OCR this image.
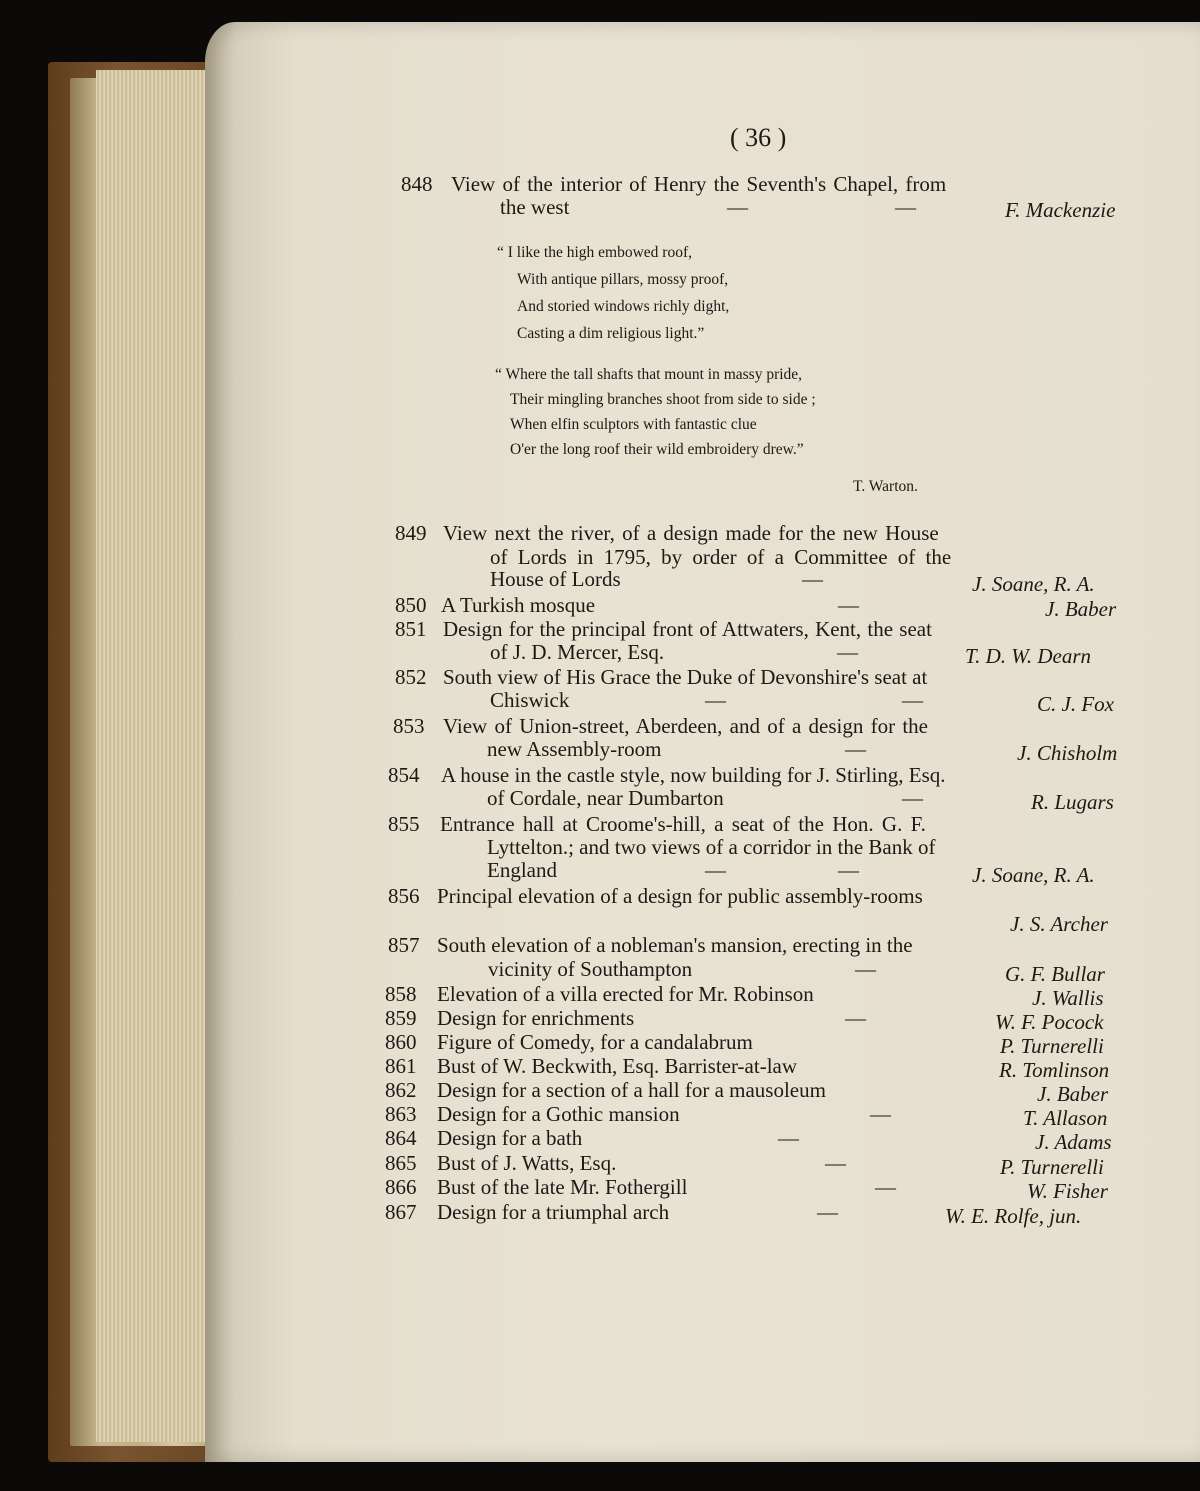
( 36 )
848 View of the interior of Henry the Seventh's Chapel, from
the west	—	—	F. Mackenzie
“ I like the high embowed roof,
With antique pillars, mossy proof,
And storied windows richly dight,
Casting a dim religious light.”
“ Where the tall shafts that mount in massy pride,
Their mingling branches shoot from side to side ;
When elfin sculptors with fantastic clue
O'er the long roof their wild embroidery drew.”
T. Warton.
849 View next the river, of a design made for the new House
of Lords in 1795, by order of a Committee of the
House of Lords	—	J. Soane, R. A.
850 A Turkish mosque	—	J. Baber
851 Design for the principal front of Attwaters, Kent, the seat
of J. D. Mercer, Esq.	—	T. D. W. Dearn
852 South view of His Grace the Duke of Devonshire's seat at
Chiswick	—	—	C. J. Fox
853 View of Union-street, Aberdeen, and of a design for the
new Assembly-room	—	J. Chisholm
854 A house in the castle style, now building for J. Stirling, Esq.
of Cordale, near Dumbarton	—	R. Lugars
855 Entrance hall at Croome's-hill, a seat of the Hon. G. F.
Lyttelton.; and two views of a corridor in the Bank of
England	—	—	J. Soane, R. A.
856 Principal elevation of a design for public assembly-rooms
J. S. Archer
857 South elevation of a nobleman's mansion, erecting in the
vicinity of Southampton	—	G. F. Bullar
858 Elevation of a villa erected for Mr. Robinson	J. Wallis
859 Design for enrichments	—	W. F. Pocock
860 Figure of Comedy, for a candalabrum	P. Turnerelli
861 Bust of W. Beckwith, Esq. Barrister-at-law	R. Tomlinson
862 Design for a section of a hall for a mausoleum	J. Baber
863 Design for a Gothic mansion	—	T. Allason
864 Design for a bath	—	J. Adams
865 Bust of J. Watts, Esq.	—	P. Turnerelli
866 Bust of the late Mr. Fothergill	—	W. Fisher
867 Design for a triumphal arch	—	W. E. Rolfe, jun.
